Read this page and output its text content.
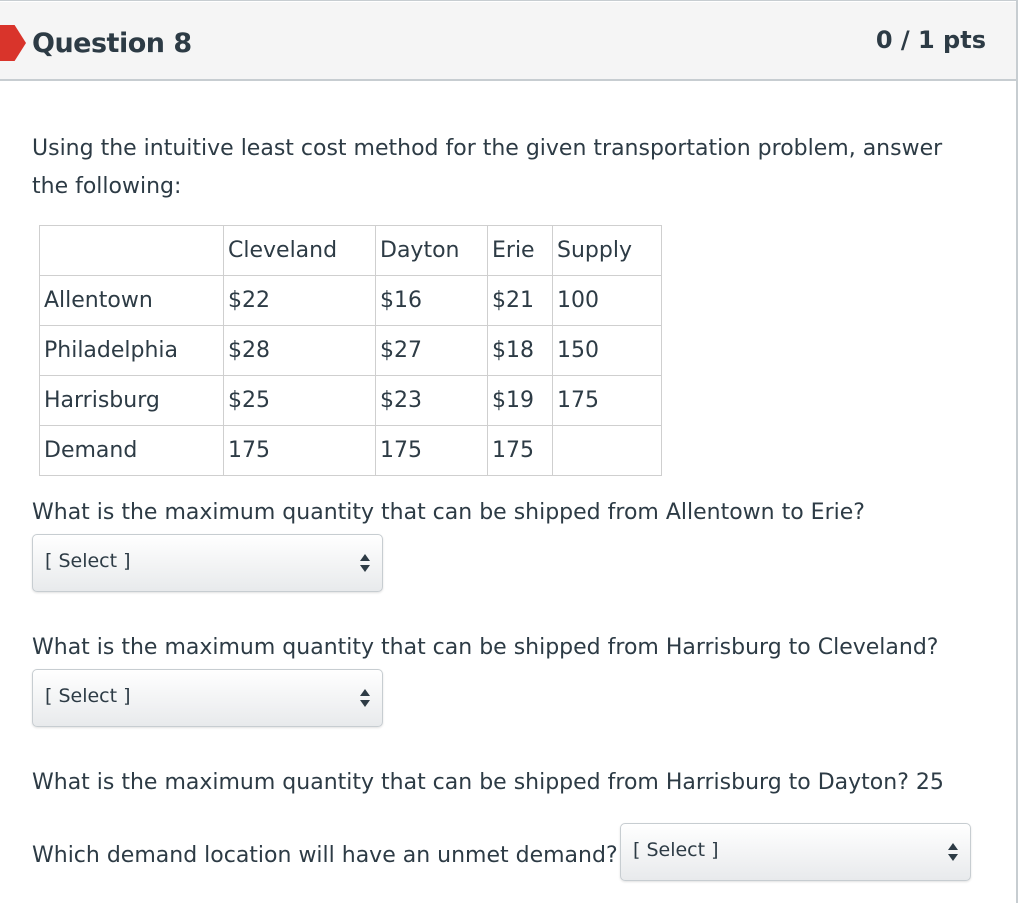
Question 8	0 / 1 pts
Using the intuitive least cost method for the given transportation problem, answer the following:
	Cleveland	Dayton	Erie	Supply
Allentown	$22	$16	$21	100
Philadelphia	$28	$27	$18	150
Harrisburg	$25	$23	$19	175
Demand	175	175	175	
What is the maximum quantity that can be shipped from Allentown to Erie?
[ Select ]
What is the maximum quantity that can be shipped from Harrisburg to Cleveland?
[ Select ]
What is the maximum quantity that can be shipped from Harrisburg to Dayton? 25
Which demand location will have an unmet demand? [ Select ]
